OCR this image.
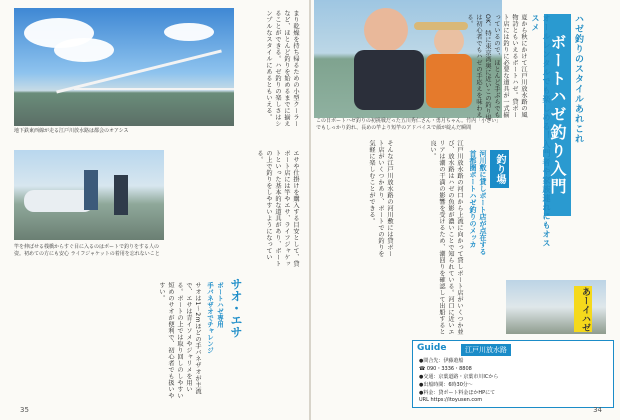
地下鉄東西線が走る江戸川放水路は都会のオアシス
竿を伸ばせる桟橋からすぐ目に入るのはボートで釣りをする人の姿。初めての方にも安心 ライフジャケットの着用を忘れないこと
まり乾燥を持ち帰るための小型クーラーなど、ほとんど釣りを始めるまでに揃えることができる。ハゼ釣りの楽しさはシンプルなスタイルにあるともいえる。
エサや仕掛けを購入する目安として、貸ボート店には竿やエサ、ライフジャケットといった基本的な道具があり、ボートの上で釣りをしやすいようになっている。
サオ・エサ
ボートハゼ専用
手バネザオでチャレンジ
サオは1～2mほどの手バネザオが主流で、エサは青イソメやジャリメを用いる。ボートの上では取り回しのしやすい短めのサオが便利で、初心者でも扱いやすい。
35
この日ボートハゼ釣りの初挑戦だった五川秀仁さん・勇月ちゃん。竹内「小さい」でもしっかり釣れ、長めの竿より短竿のアドバイスで顔が綻んだ瞬間	ハゼ釣りのスタイルあれこれ
ボートハゼ釣り入門
オールレンタルでも楽しめる！入門者や家族連れにもオススメ
夏から秋にかけて江戸川放水路の風物詩ともいえるボートハゼ。貸ボート店には釣りに必要な道具が一式揃っているので、ほとんど手ぶらでもOK。特に東京湾奥に近いこの釣り場は初心者でもハゼの手応えを味わえる。
釣り場
河川敷に貸しボート店が点在する
首都圏ボートハゼ釣りのメッカ
江戸川放水路の河口から上流に向かって貸しボート店がいくつか並び、放水路はハゼの魚影が濃いことで知られている。河口に近いエリアは潮の干満の影響を受けるため、潮回りを確認して出船すると良い。
そんな江戸川放水路の河川敷には貸ボート店がいくつかあり、ボートでの釣りを気軽に楽しむことができる。
あーイハゼ
Guide	江戸川放水路
●問合先：伊藤遊船
☎ 090・3336・8808
●交通：京葉道路・京葉市川ICから
●出船時間：6時30分～
●料金：貸ボート料金ほかHPにて
URL https://itoyusen.com
34
